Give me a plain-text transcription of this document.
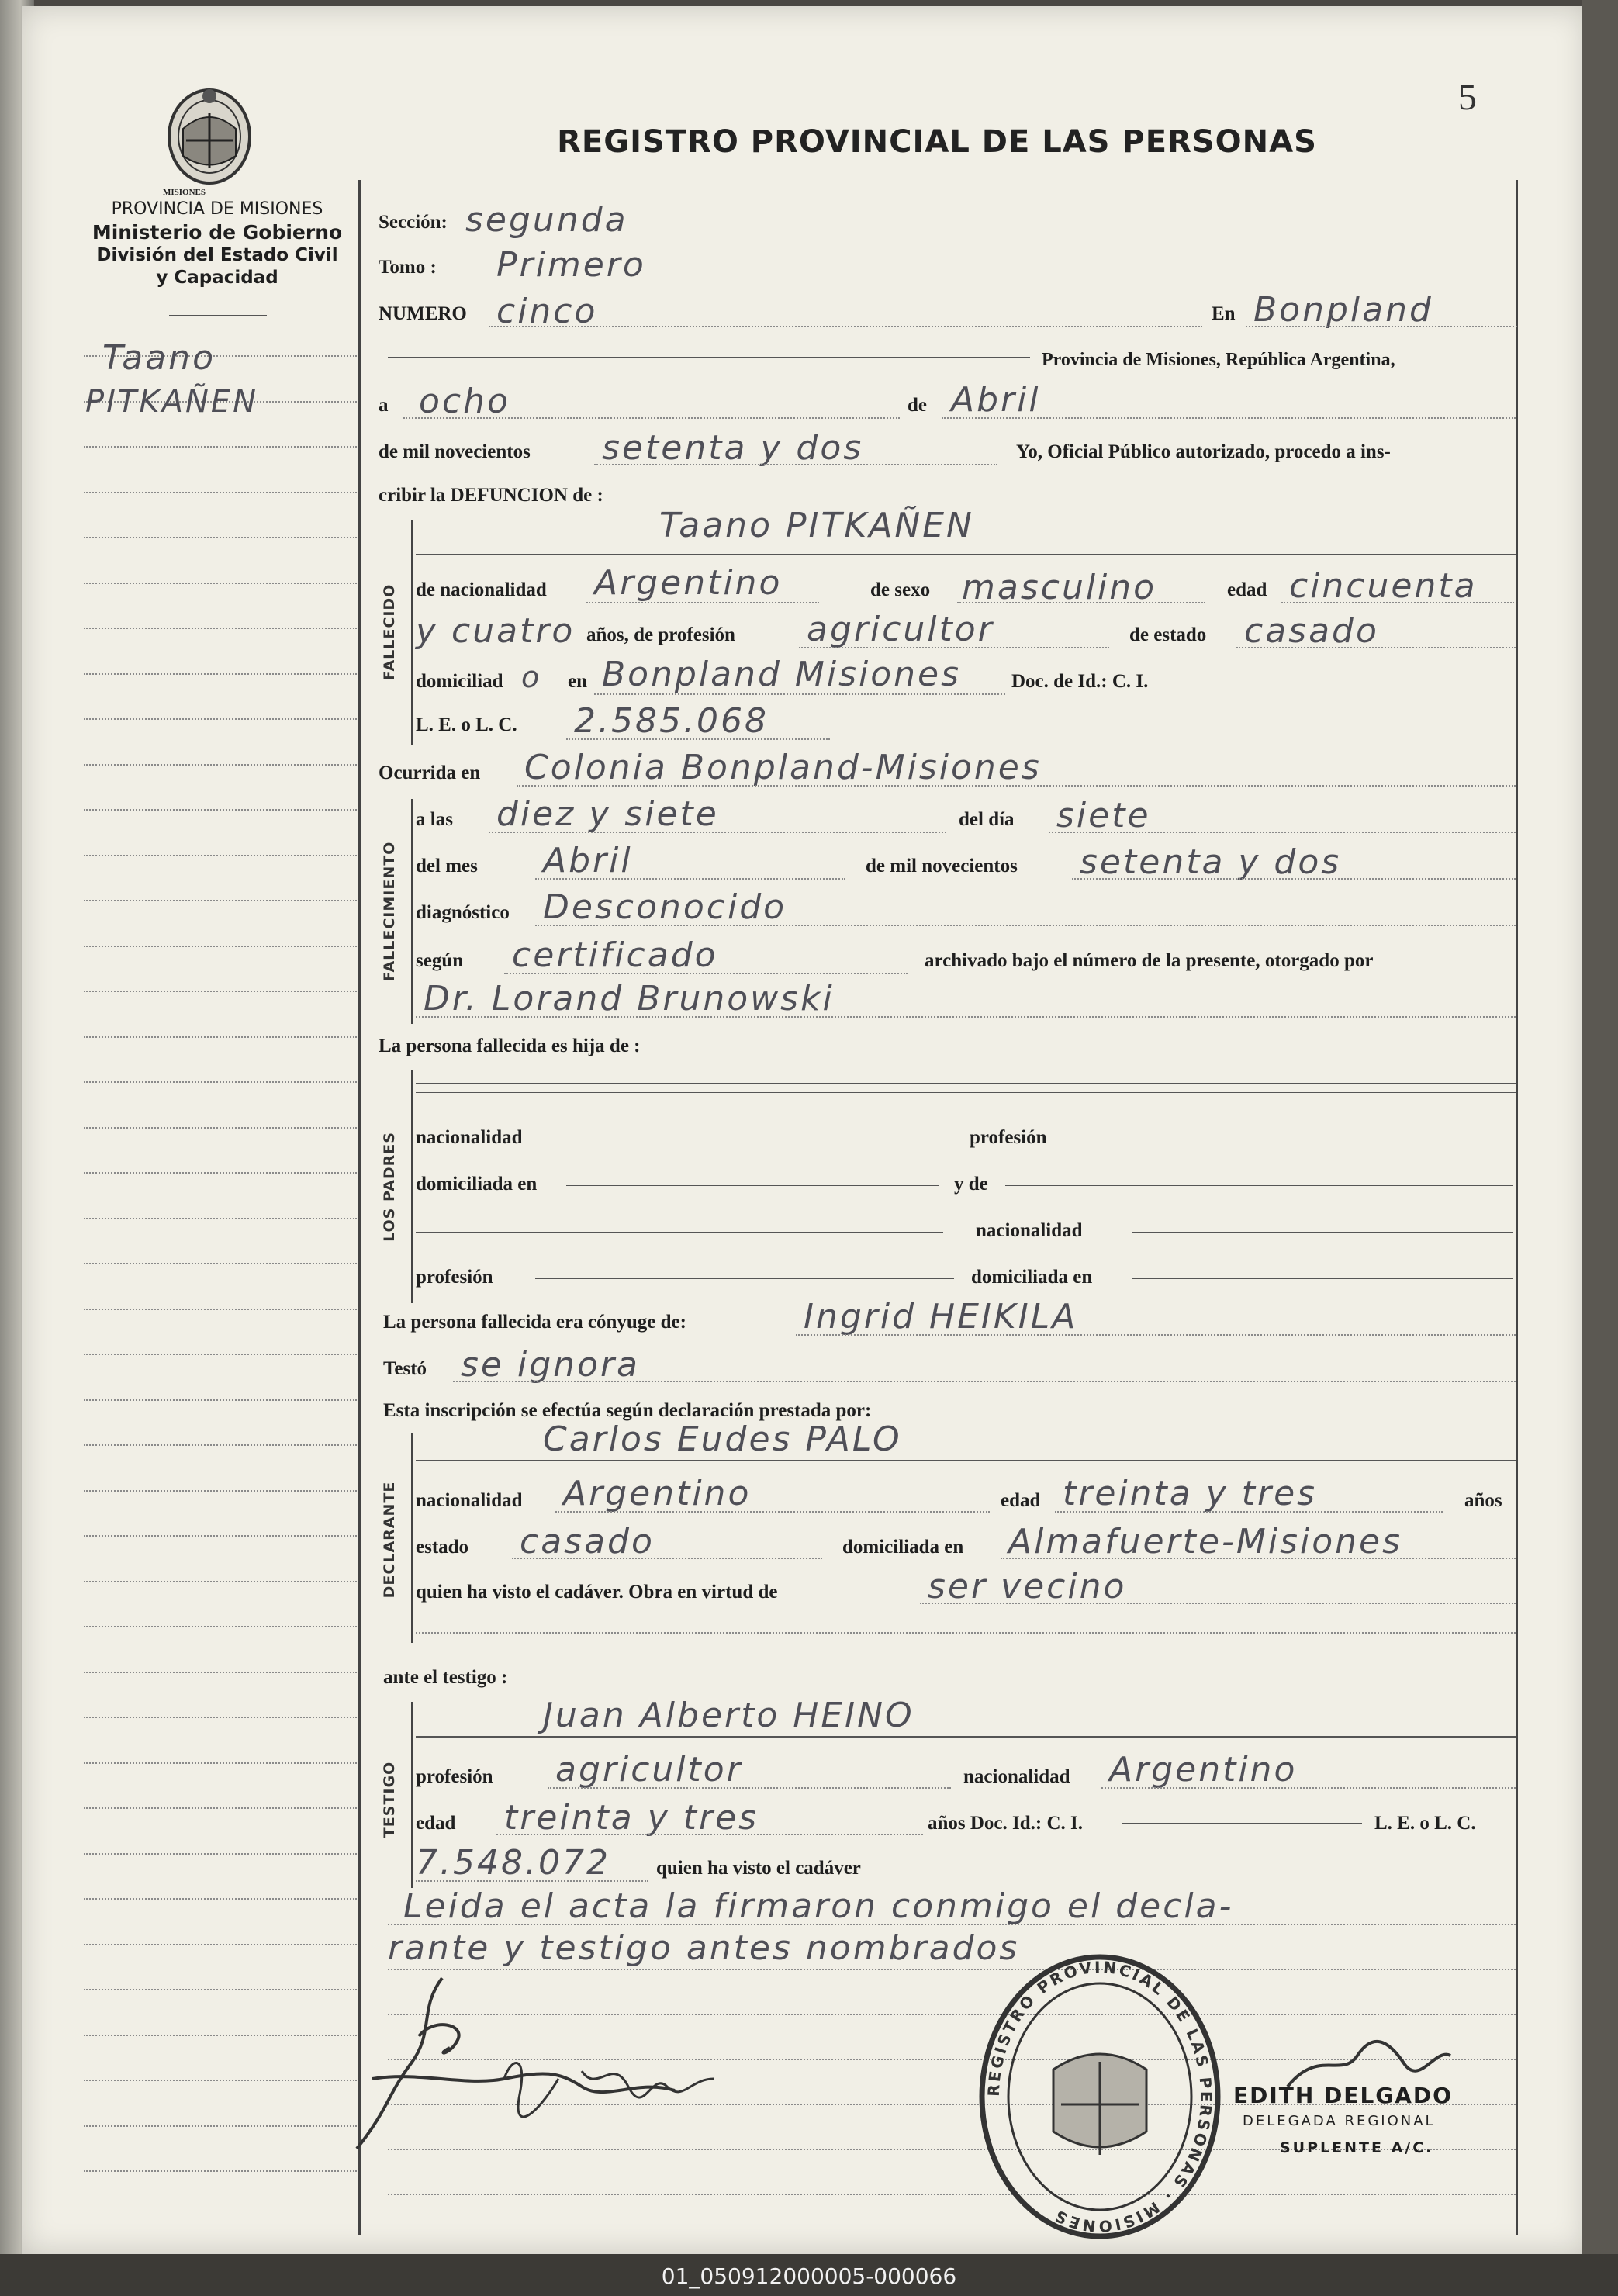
MISIONES
PROVINCIA DE MISIONES
Ministerio de Gobierno
División del Estado Civil
y Capacidad
REGISTRO PROVINCIAL DE LAS PERSONAS
5
Taano
PITKAÑEN
Sección: segunda
Tomo : Primero
NUMERO cinco	En Bonpland
Provincia de Misiones, República Argentina,
a ocho	de Abril
de mil novecientos setenta y dos	Yo, Oficial Público autorizado, procedo a ins-
cribir la DEFUNCION de :
FALLECIDO
Taano PITKAÑEN
de nacionalidad Argentino	de sexo masculino	edad cincuenta
y cuatro años, de profesión agricultor	de estado casado
domiciliad o en Bonpland Misiones	Doc. de Id.: C. I.
L. E. o L. C. 2.585.068
Ocurrida en Colonia Bonpland-Misiones
FALLECIMIENTO
a las diez y siete	del día siete
del mes Abril	de mil novecientos setenta y dos
diagnóstico Desconocido
según certificado	archivado bajo el número de la presente, otorgado por
Dr. Lorand Brunowski
La persona fallecida es hija de :
LOS PADRES nacionalidad	profesión
domiciliada en	y de
nacionalidad
profesión	domiciliada en
La persona fallecida era cónyuge de:	Ingrid HEIKILA
Testó se ignora
Esta inscripción se efectúa según declaración prestada por:
DECLARANTE
Carlos Eudes PALO
nacionalidad Argentino	edad treinta y tres	años
estado casado	domiciliada en Almafuerte-Misiones
quien ha visto el cadáver. Obra en virtud de	ser vecino
ante el testigo :
TESTIGO
Juan Alberto HEINO
profesión agricultor	nacionalidad Argentino
edad treinta y tres	años Doc. Id.: C. I.	L. E. o L. C.
7.548.072 quien ha visto el cadáver
Leida el acta la firmaron conmigo el decla-
rante y testigo antes nombrados
REGISTRO PROVINCIAL DE LAS PERSONAS · MISIONES
EDITH DELGADO
DELEGADA REGIONAL
SUPLENTE A/C.
01_050912000005-000066
